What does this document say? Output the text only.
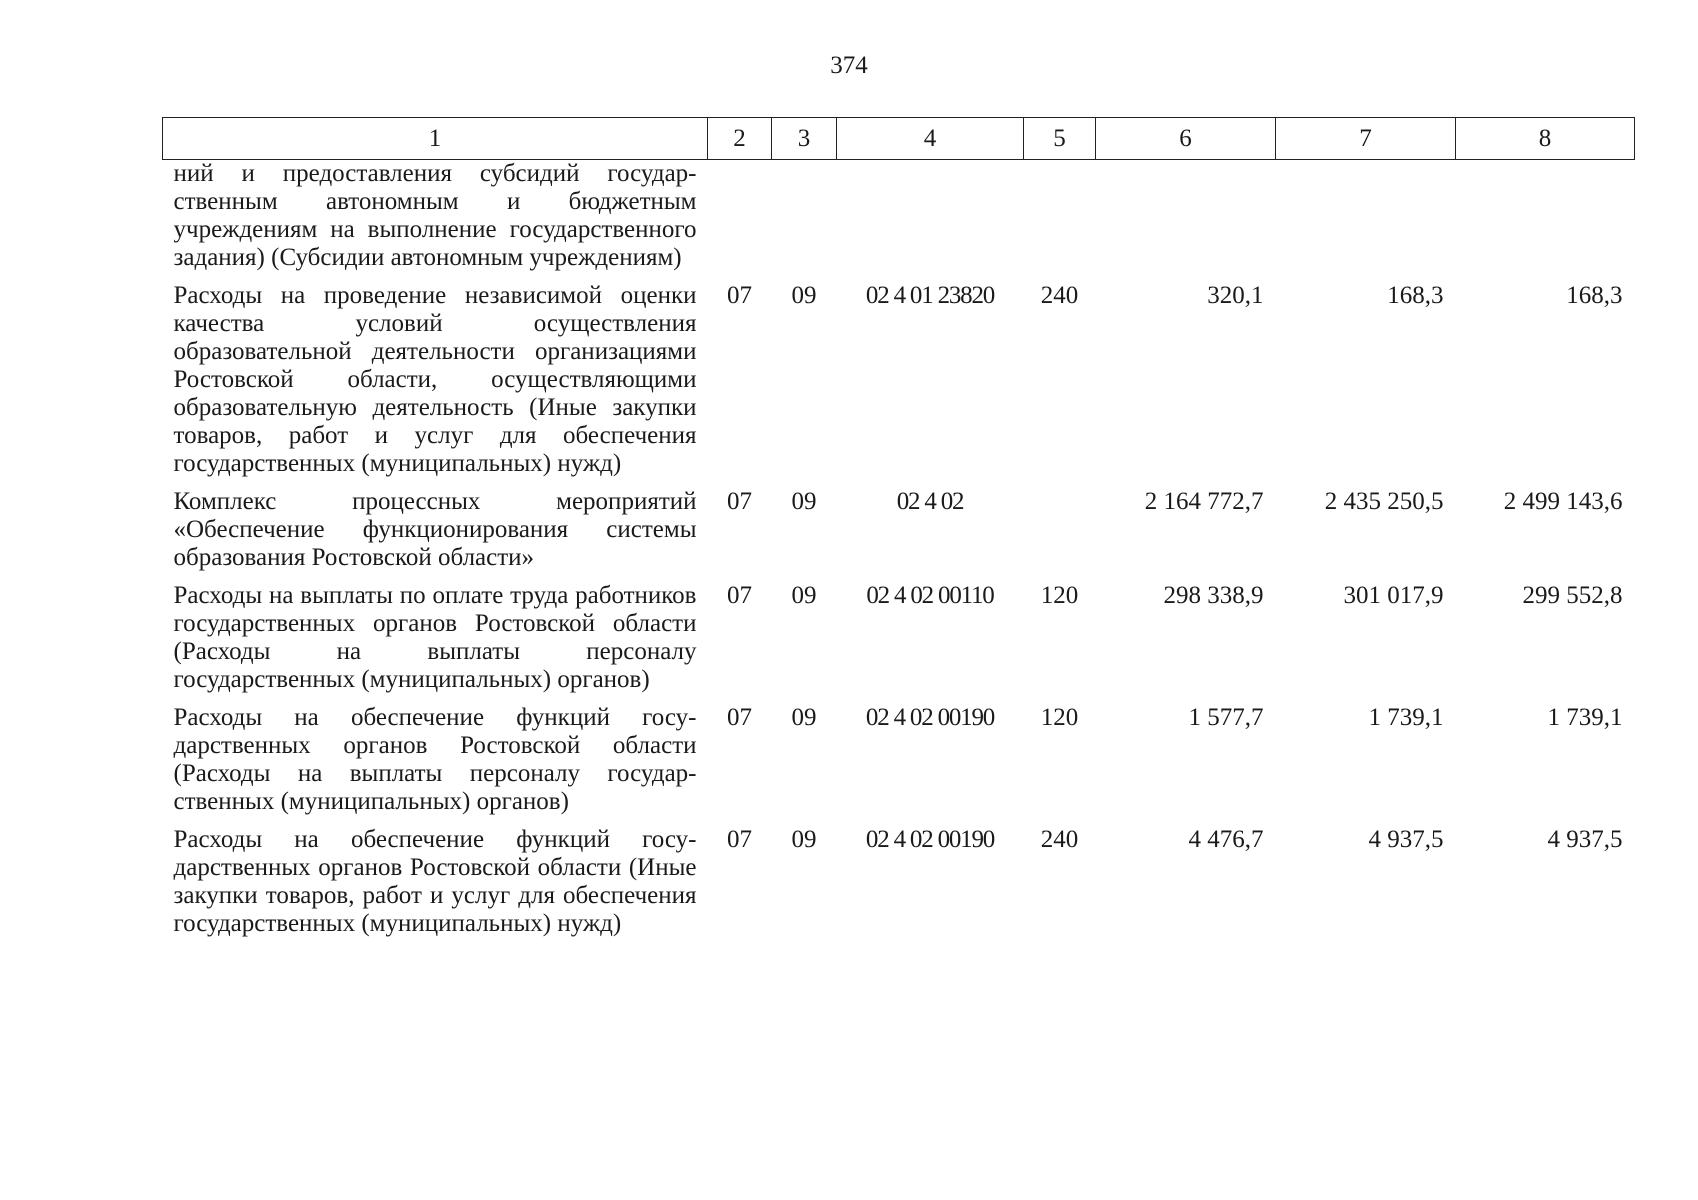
374
1	2	3	4	5	6	7	8
ний и предоставления субсидий государственным автономным и бюджетным учреждениям на выполнение государственного задания) (Субсидии автономным учреждениям)							
Расходы на проведение независимой оценки качества условий осуществления образовательной деятельности организациями Ростовской области, осуществляющими образовательную деятельность (Иные закупки товаров, работ и услуг для обеспечения государственных (муниципальных) нужд)	07	09	02 4 01 23820	240	320,1	168,3	168,3
Комплекс процессных мероприятий «Обеспечение функционирования системы образования Ростовской области»	07	09	02 4 02		2 164 772,7	2 435 250,5	2 499 143,6
Расходы на выплаты по оплате труда работников государственных органов Ростовской области (Расходы на выплаты персоналу государственных (муниципальных) органов)	07	09	02 4 02 00110	120	298 338,9	301 017,9	299 552,8
Расходы на обеспечение функций государственных органов Ростовской области (Расходы на выплаты персоналу государственных (муниципальных) органов)	07	09	02 4 02 00190	120	1 577,7	1 739,1	1 739,1
Расходы на обеспечение функций государственных органов Ростовской области (Иные закупки товаров, работ и услуг для обеспечения государственных (муниципальных) нужд)	07	09	02 4 02 00190	240	4 476,7	4 937,5	4 937,5
